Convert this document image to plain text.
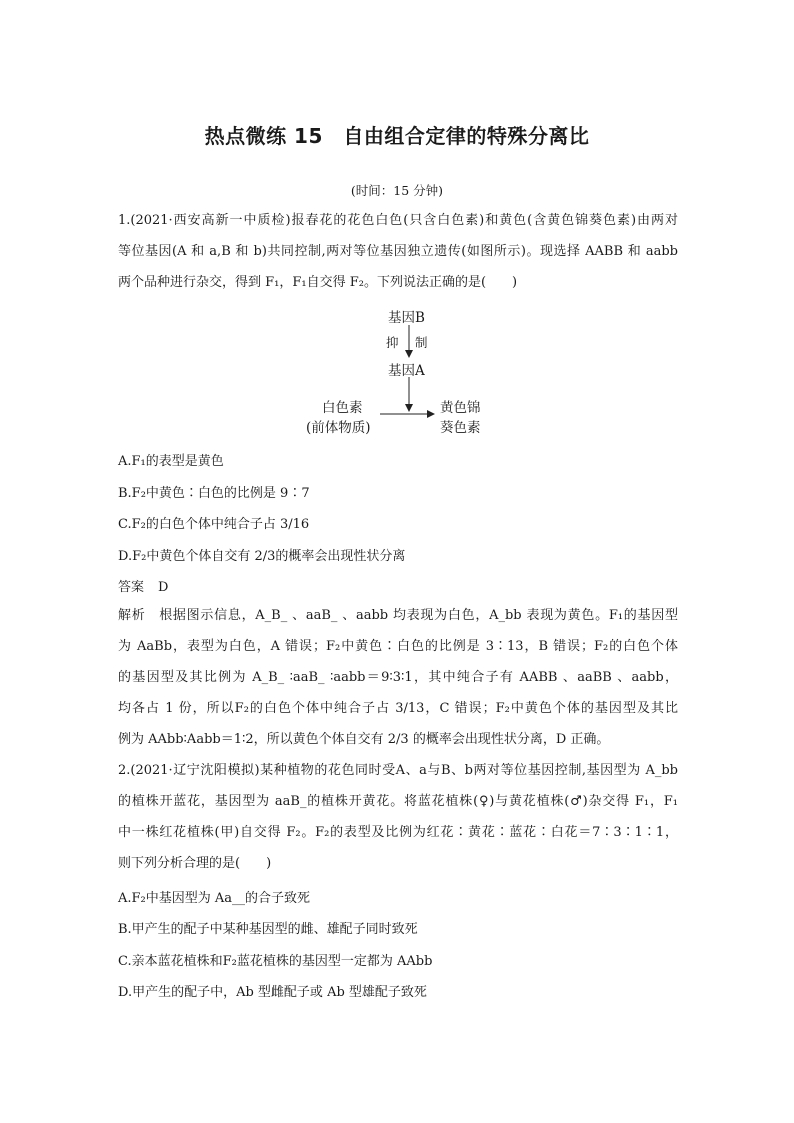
热点微练 15　自由组合定律的特殊分离比
(时间：15 分钟)
1.(2021·西安高新一中质检)报春花的花色白色(只含白色素)和黄色(含黄色锦葵色素)由两对
等位基因(A 和 a,B 和 b)共同控制,两对等位基因独立遗传(如图所示)。现选择 AABB 和 aabb
两个品种进行杂交，得到 F₁，F₁自交得 F₂。下列说法正确的是(　　)
基因B
抑 制
基因A
白色素
(前体物质)
黄色锦
葵色素
A.F₁的表型是黄色
B.F₂中黄色∶白色的比例是 9∶7
C.F₂的白色个体中纯合子占 3/16
D.F₂中黄色个体自交有 2/3的概率会出现性状分离
答案 D
解析　根据图示信息，A_B_ 、aaB_ 、aabb 均表现为白色，A_bb 表现为黄色。F₁的基因型
为 AaBb，表型为白色，A 错误；F₂中黄色∶白色的比例是 3∶13，B 错误；F₂的白色个体
的基因型及其比例为 A_B_ ∶aaB_ ∶aabb＝9∶3∶1，其中纯合子有 AABB 、aaBB 、aabb，
均各占 1 份，所以F₂的白色个体中纯合子占 3/13，C 错误；F₂中黄色个体的基因型及其比
例为 AAbb∶Aabb＝1∶2，所以黄色个体自交有 2/3 的概率会出现性状分离，D 正确。
2.(2021·辽宁沈阳模拟)某种植物的花色同时受A、a与B、b两对等位基因控制,基因型为 A_bb
的植株开蓝花，基因型为 aaB_的植株开黄花。将蓝花植株(♀)与黄花植株(♂)杂交得 F₁，F₁
中一株红花植株(甲)自交得 F₂。F₂的表型及比例为红花∶黄花∶蓝花∶白花＝7∶3∶1∶1，
则下列分析合理的是(　　)
A.F₂中基因型为 Aa__的合子致死
B.甲产生的配子中某种基因型的雌、雄配子同时致死
C.亲本蓝花植株和F₂蓝花植株的基因型一定都为 AAbb
D.甲产生的配子中，Ab 型雌配子或 Ab 型雄配子致死
